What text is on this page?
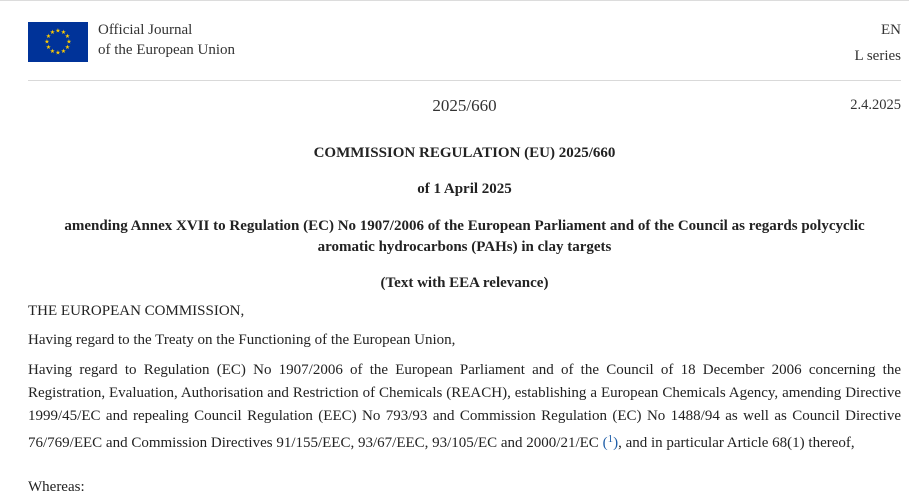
★ ★
★
★
★
★
★
★
★
★
★
★	Official Journal
of the European Union
EN
L series
2025/660	2.4.2025
COMMISSION REGULATION (EU) 2025/660
of 1 April 2025
amending Annex XVII to Regulation (EC) No 1907/2006 of the European Parliament and of the Council as regards polycyclic aromatic hydrocarbons (PAHs) in clay targets
(Text with EEA relevance)
THE EUROPEAN COMMISSION,
Having regard to the Treaty on the Functioning of the European Union,
Having regard to Regulation (EC) No 1907/2006 of the European Parliament and of the Council of 18 December 2006 concerning the Registration, Evaluation, Authorisation and Restriction of Chemicals (REACH), establishing a European Chemicals Agency, amending Directive 1999/45/EC and repealing Council Regulation (EEC) No 793/93 and Commission Regulation (EC) No 1488/94 as well as Council Directive 76/769/EEC and Commission Directives 91/155/EEC, 93/67/EEC, 93/105/EC and 2000/21/EC ($^1$), and in particular Article 68(1) thereof,
Whereas:
